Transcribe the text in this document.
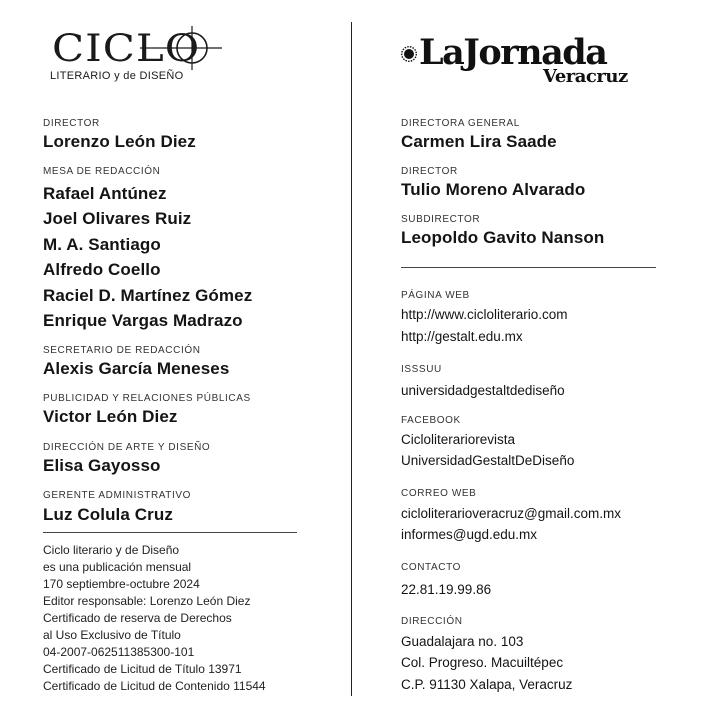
CICLO
LITERARIO y de DISEÑO
LaJornada
Veracruz
DIRECTOR
Lorenzo León Diez
MESA DE REDACCIÓN
Rafael Antúnez
Joel Olivares Ruiz
M. A. Santiago
Alfredo Coello
Raciel D. Martínez Gómez
Enrique Vargas Madrazo
SECRETARIO DE REDACCIÓN
Alexis García Meneses
PUBLICIDAD Y RELACIONES PÚBLICAS
Victor León Diez
DIRECCIÓN DE ARTE Y DISEÑO
Elisa Gayosso
GERENTE ADMINISTRATIVO
Luz Colula Cruz
Ciclo literario y de Diseño
es una publicación mensual
170 septiembre-octubre 2024
Editor responsable: Lorenzo León Diez
Certificado de reserva de Derechos
al Uso Exclusivo de Título
04-2007-062511385300-101
Certificado de Licitud de Título 13971
Certificado de Licitud de Contenido 11544
DIRECTORA GENERAL
Carmen Lira Saade
DIRECTOR
Tulio Moreno Alvarado
SUBDIRECTOR
Leopoldo Gavito Nanson
PÁGINA WEB
http://www.cicloliterario.com
http://gestalt.edu.mx
ISSSUU
universidadgestaltdediseño
FACEBOOK
Cicloliterariorevista
UniversidadGestaltDeDiseño
CORREO WEB
cicloliterarioveracruz@gmail.com.mx
informes@ugd.edu.mx
CONTACTO
22.81.19.99.86
DIRECCIÓN
Guadalajara no. 103
Col. Progreso. Macuiltépec
C.P. 91130 Xalapa, Veracruz
